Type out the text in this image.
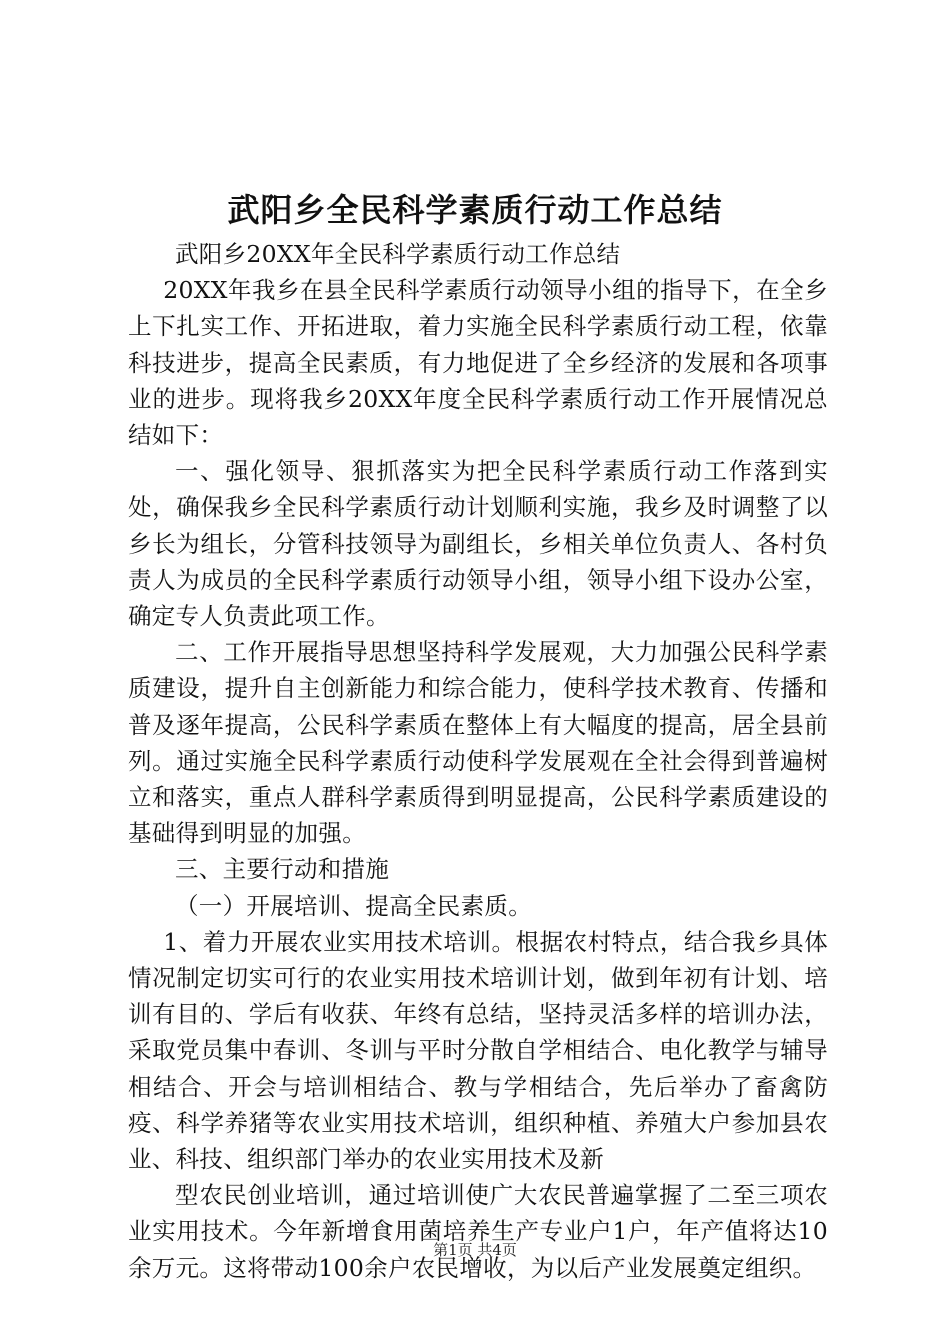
武阳乡全民科学素质行动工作总结

武阳乡20XX年全民科学素质行动工作总结

20XX年我乡在县全民科学素质行动领导小组的指导下，在全乡上下扎实工作、开拓进取，着力实施全民科学素质行动工程，依靠科技进步，提高全民素质，有力地促进了全乡经济的发展和各项事业的进步。现将我乡20XX年度全民科学素质行动工作开展情况总结如下：

一、强化领导、狠抓落实为把全民科学素质行动工作落到实处，确保我乡全民科学素质行动计划顺利实施，我乡及时调整了以乡长为组长，分管科技领导为副组长，乡相关单位负责人、各村负责人为成员的全民科学素质行动领导小组，领导小组下设办公室，确定专人负责此项工作。

二、工作开展指导思想坚持科学发展观，大力加强公民科学素质建设，提升自主创新能力和综合能力，使科学技术教育、传播和普及逐年提高，公民科学素质在整体上有大幅度的提高，居全县前列。通过实施全民科学素质行动使科学发展观在全社会得到普遍树立和落实，重点人群科学素质得到明显提高，公民科学素质建设的基础得到明显的加强。

三、主要行动和措施

（一）开展培训、提高全民素质。

1、着力开展农业实用技术培训。根据农村特点，结合我乡具体情况制定切实可行的农业实用技术培训计划，做到年初有计划、培训有目的、学后有收获、年终有总结，坚持灵活多样的培训办法，采取党员集中春训、冬训与平时分散自学相结合、电化教学与辅导相结合、开会与培训相结合、教与学相结合，先后举办了畜禽防疫、科学养猪等农业实用技术培训，组织种植、养殖大户参加县农业、科技、组织部门举办的农业实用技术及新

型农民创业培训，通过培训使广大农民普遍掌握了二至三项农业实用技术。今年新增食用菌培养生产专业户1户，年产值将达10余万元。这将带动100余户农民增收，为以后产业发展奠定组织。

第1页 共4页
